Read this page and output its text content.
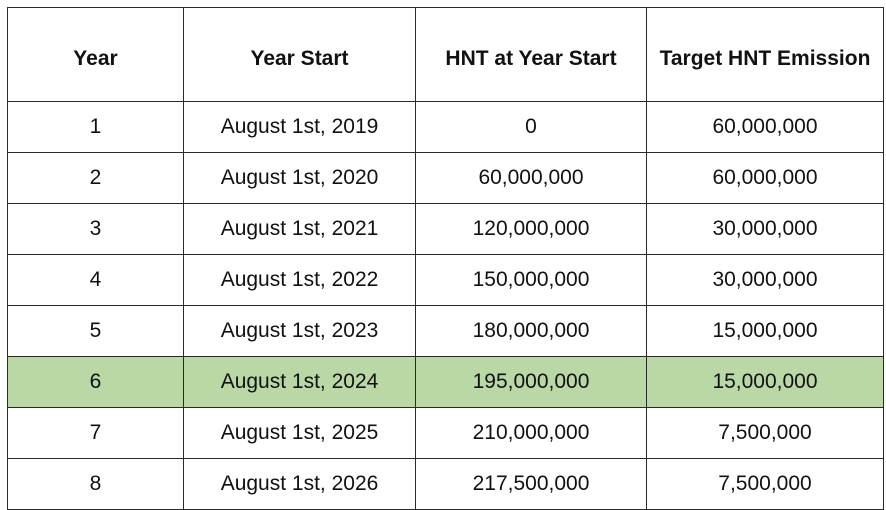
Year	Year Start	HNT at Year Start	Target HNT Emission
1	August 1st, 2019	0	60,000,000
2	August 1st, 2020	60,000,000	60,000,000
3	August 1st, 2021	120,000,000	30,000,000
4	August 1st, 2022	150,000,000	30,000,000
5	August 1st, 2023	180,000,000	15,000,000
6	August 1st, 2024	195,000,000	15,000,000
7	August 1st, 2025	210,000,000	7,500,000
8	August 1st, 2026	217,500,000	7,500,000
